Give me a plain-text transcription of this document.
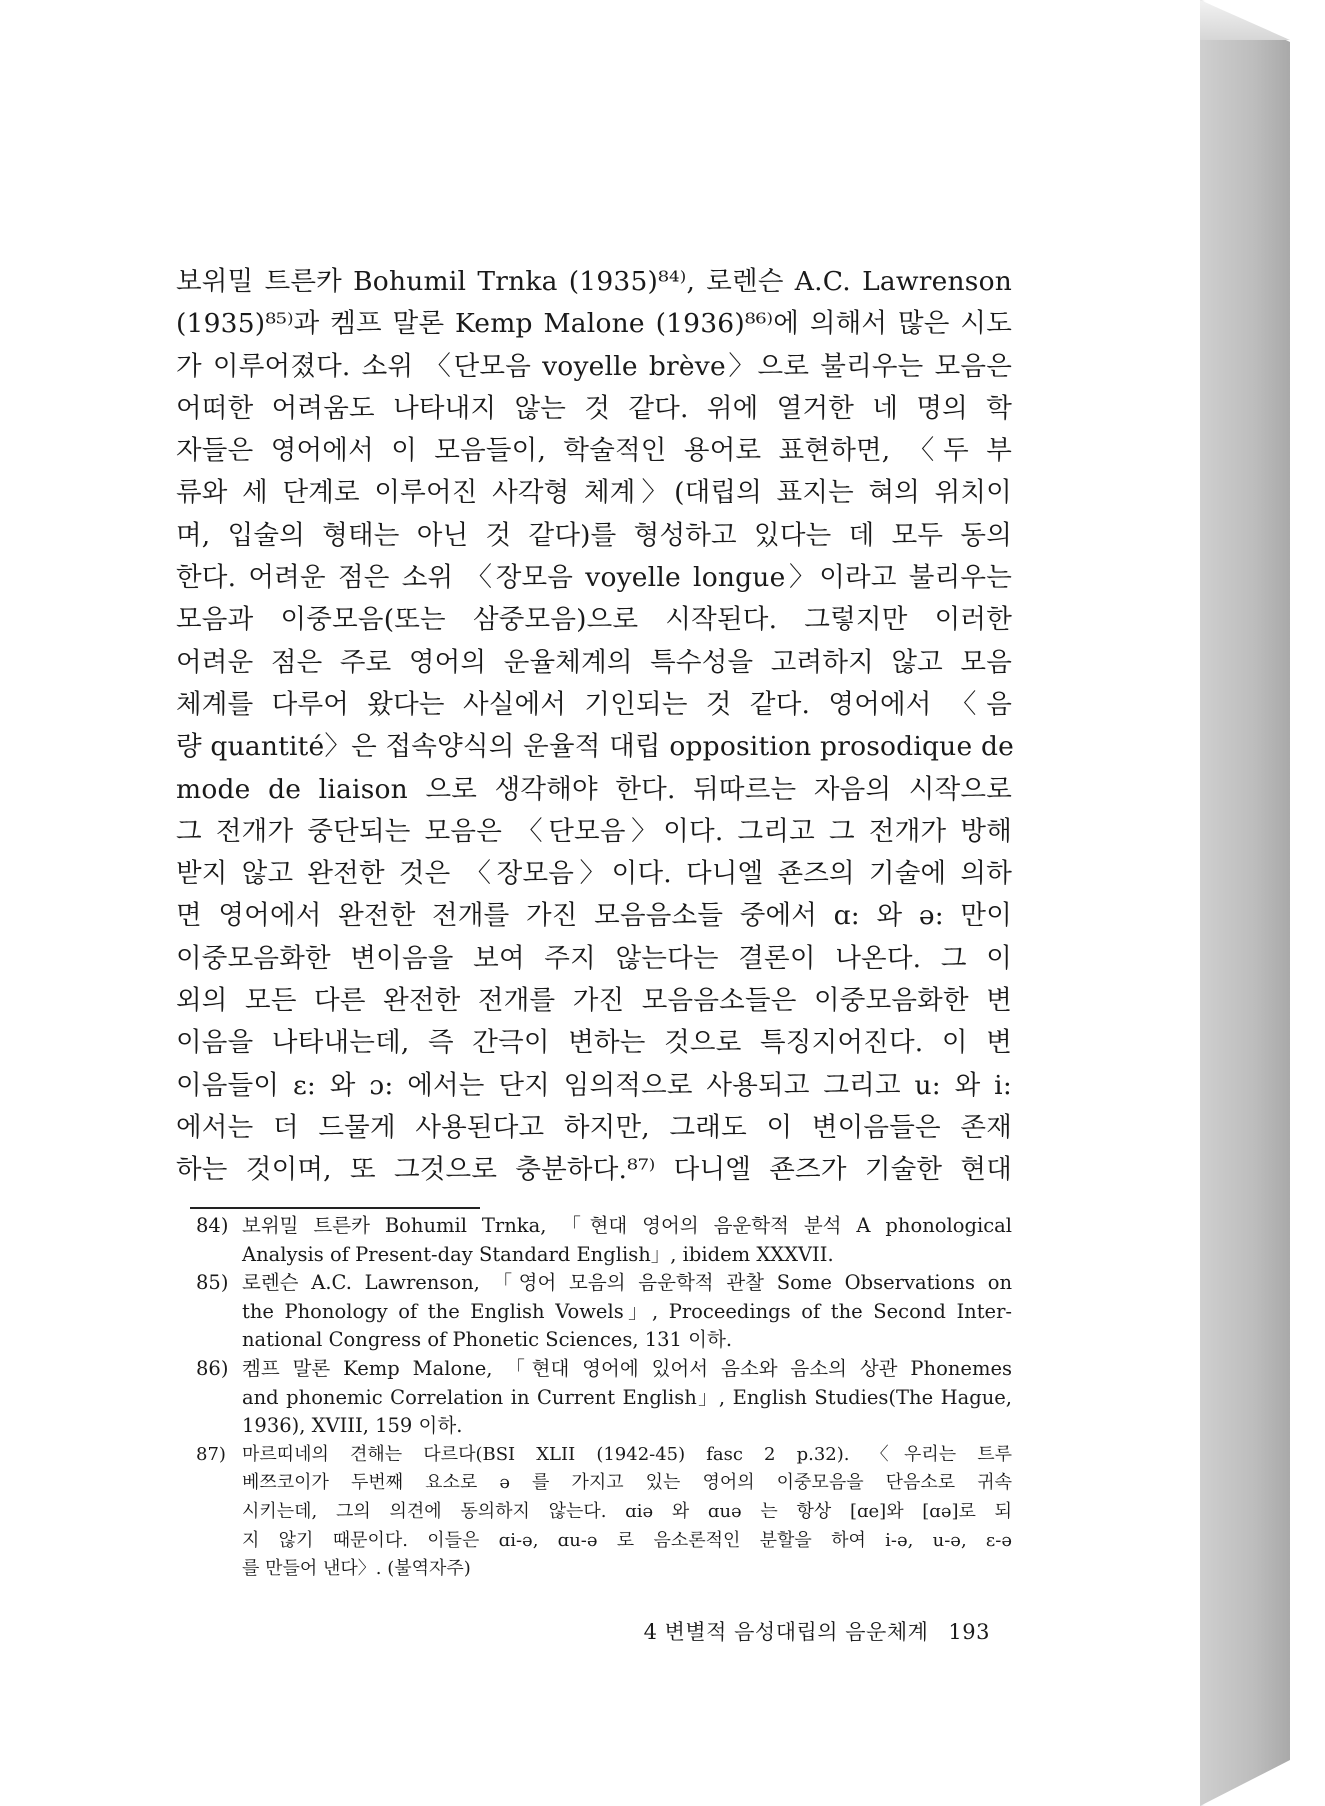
보위밀 트른카 Bohumil Trnka (1935)⁸⁴⁾, 로렌슨 A.C. Lawrenson

(1935)⁸⁵⁾과 켐프 말론 Kemp Malone (1936)⁸⁶⁾에 의해서 많은 시도

가 이루어졌다. 소위 〈단모음 voyelle brève〉으로 불리우는 모음은

어떠한 어려움도 나타내지 않는 것 같다. 위에 열거한 네 명의 학

자들은 영어에서 이 모음들이, 학술적인 용어로 표현하면, 〈두 부

류와 세 단계로 이루어진 사각형 체계〉(대립의 표지는 혀의 위치이

며, 입술의 형태는 아닌 것 같다)를 형성하고 있다는 데 모두 동의

한다. 어려운 점은 소위 〈장모음 voyelle longue〉이라고 불리우는

모음과 이중모음(또는 삼중모음)으로 시작된다. 그렇지만 이러한

어려운 점은 주로 영어의 운율체계의 특수성을 고려하지 않고 모음

체계를 다루어 왔다는 사실에서 기인되는 것 같다. 영어에서 〈음

량 quantité〉은 접속양식의 운율적 대립 opposition prosodique de

mode de liaison 으로 생각해야 한다. 뒤따르는 자음의 시작으로

그 전개가 중단되는 모음은 〈단모음〉이다. 그리고 그 전개가 방해

받지 않고 완전한 것은 〈장모음〉이다. 다니엘 죤즈의 기술에 의하

면 영어에서 완전한 전개를 가진 모음음소들 중에서 ɑ: 와 ə: 만이

이중모음화한 변이음을 보여 주지 않는다는 결론이 나온다. 그 이

외의 모든 다른 완전한 전개를 가진 모음음소들은 이중모음화한 변

이음을 나타내는데, 즉 간극이 변하는 것으로 특징지어진다. 이 변

이음들이 ɛ: 와 ɔ: 에서는 단지 임의적으로 사용되고 그리고 u: 와 i:

에서는 더 드물게 사용된다고 하지만, 그래도 이 변이음들은 존재

하는 것이며, 또 그것으로 충분하다.⁸⁷⁾ 다니엘 죤즈가 기술한 현대

84) 보위밀 트른카 Bohumil Trnka, 「현대 영어의 음운학적 분석 A phonological
Analysis of Present-day Standard English」, ibidem XXXVII.
85) 로렌슨 A.C. Lawrenson, 「영어 모음의 음운학적 관찰 Some Observations on
the Phonology of the English Vowels」, Proceedings of the Second Inter-
national Congress of Phonetic Sciences, 131 이하.
86) 켐프 말론 Kemp Malone, 「현대 영어에 있어서 음소와 음소의 상관 Phonemes
and phonemic Correlation in Current English」, English Studies(The Hague,
1936), XVIII, 159 이하.
87) 마르띠네의 견해는 다르다(BSI XLII (1942-45) fasc 2 p.32). 〈우리는 트루
베쯔코이가 두번째 요소로 ə 를 가지고 있는 영어의 이중모음을 단음소로 귀속
시키는데, 그의 의견에 동의하지 않는다. ɑiə 와 ɑuə 는 항상 [ɑe]와 [ɑə]로 되
지 않기 때문이다. 이들은 ɑi-ə, ɑu-ə 로 음소론적인 분할을 하여 i-ə, u-ə, ɛ-ə
를 만들어 낸다〉. (불역자주)
4 변별적 음성대립의 음운체계 193
